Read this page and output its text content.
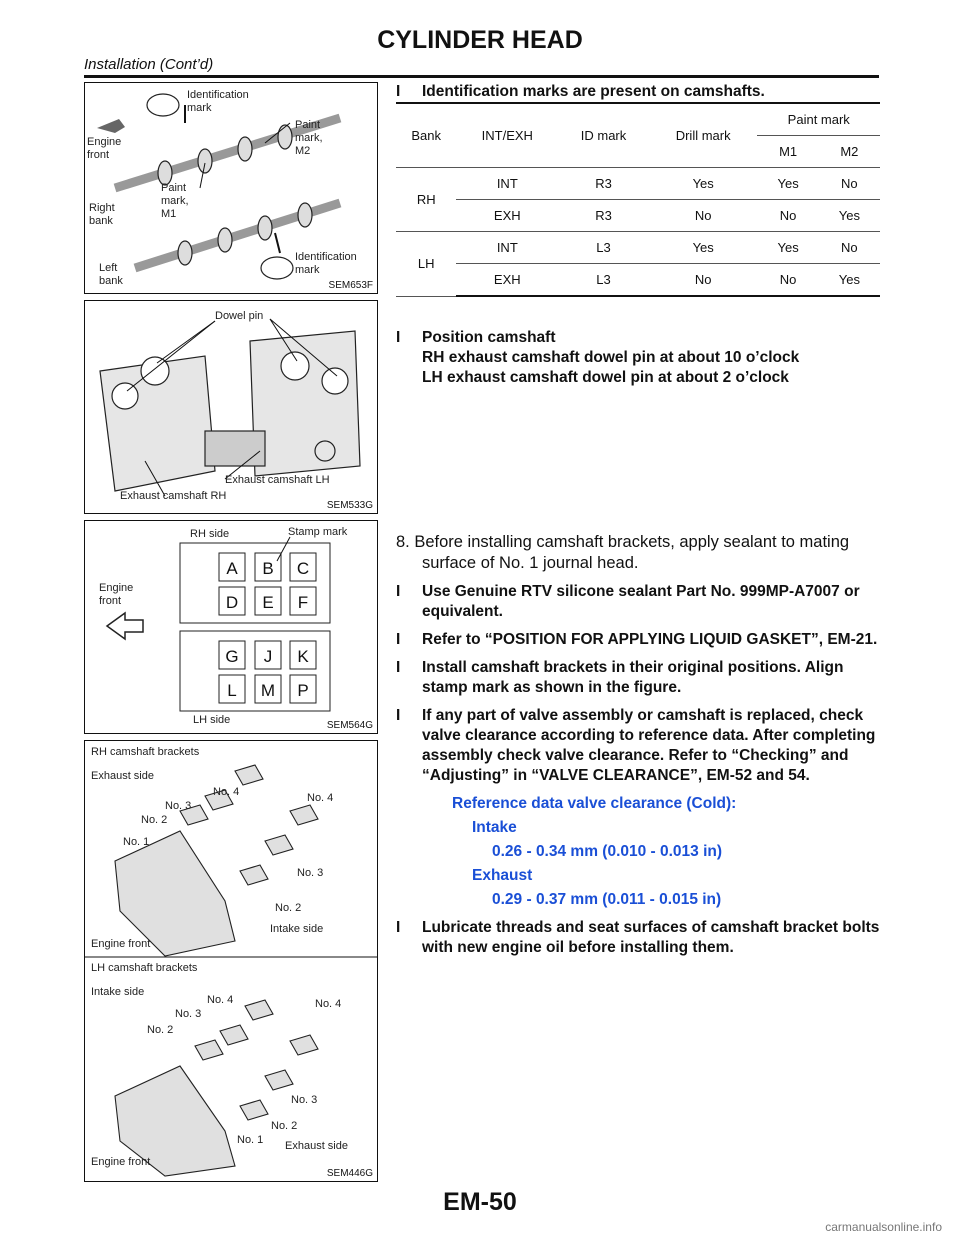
CYLINDER HEAD
Installation (Cont’d)
Identification
mark
Engine
front
Paint
mark,
M2
Paint
mark,
M1
Right
bank
Left
bank
Identification
mark
SEM653F
Dowel pin
Exhaust camshaft LH
Exhaust camshaft RH
SEM533G
A B C
D E F
G J K
L M P
RH side	Stamp mark
Engine
front
LH side	SEM564G
RH camshaft brackets
Exhaust side
No. 4
No. 3
No. 2
No. 1
No. 4
No. 3
No. 2
Intake side
Engine front
LH camshaft brackets
Intake side
No. 4
No. 3
No. 2
No. 4
No. 3
No. 2
No. 1
Engine front
Exhaust side
SEM446G
I Identification marks are present on camshafts.
Bank	INT/EXH	ID mark	Drill mark	Paint mark	
				M1	M2
RH	INT	R3	Yes	Yes	No
	EXH	R3	No	No	Yes
LH	INT	L3	Yes	Yes	No
	EXH	L3	No	No	Yes
I Position camshaft
RH exhaust camshaft dowel pin at about 10 o’clock
LH exhaust camshaft dowel pin at about 2 o’clock
8. Before installing camshaft brackets, apply sealant to mating surface of No. 1 journal head.
I Use Genuine RTV silicone sealant Part No. 999MP-A7007 or equivalent.
I Refer to “POSITION FOR APPLYING LIQUID GASKET”, EM-21.
I Install camshaft brackets in their original positions. Align stamp mark as shown in the figure.
I If any part of valve assembly or camshaft is replaced, check valve clearance according to reference data. After completing assembly check valve clearance. Refer to “Checking” and “Adjusting” in “VALVE CLEARANCE”, EM-52 and 54.
Reference data valve clearance (Cold):
Intake
0.26 - 0.34 mm (0.010 - 0.013 in)
Exhaust
0.29 - 0.37 mm (0.011 - 0.015 in)
I Lubricate threads and seat surfaces of camshaft bracket bolts with new engine oil before installing them.
EM-50
carmanualsonline.info
